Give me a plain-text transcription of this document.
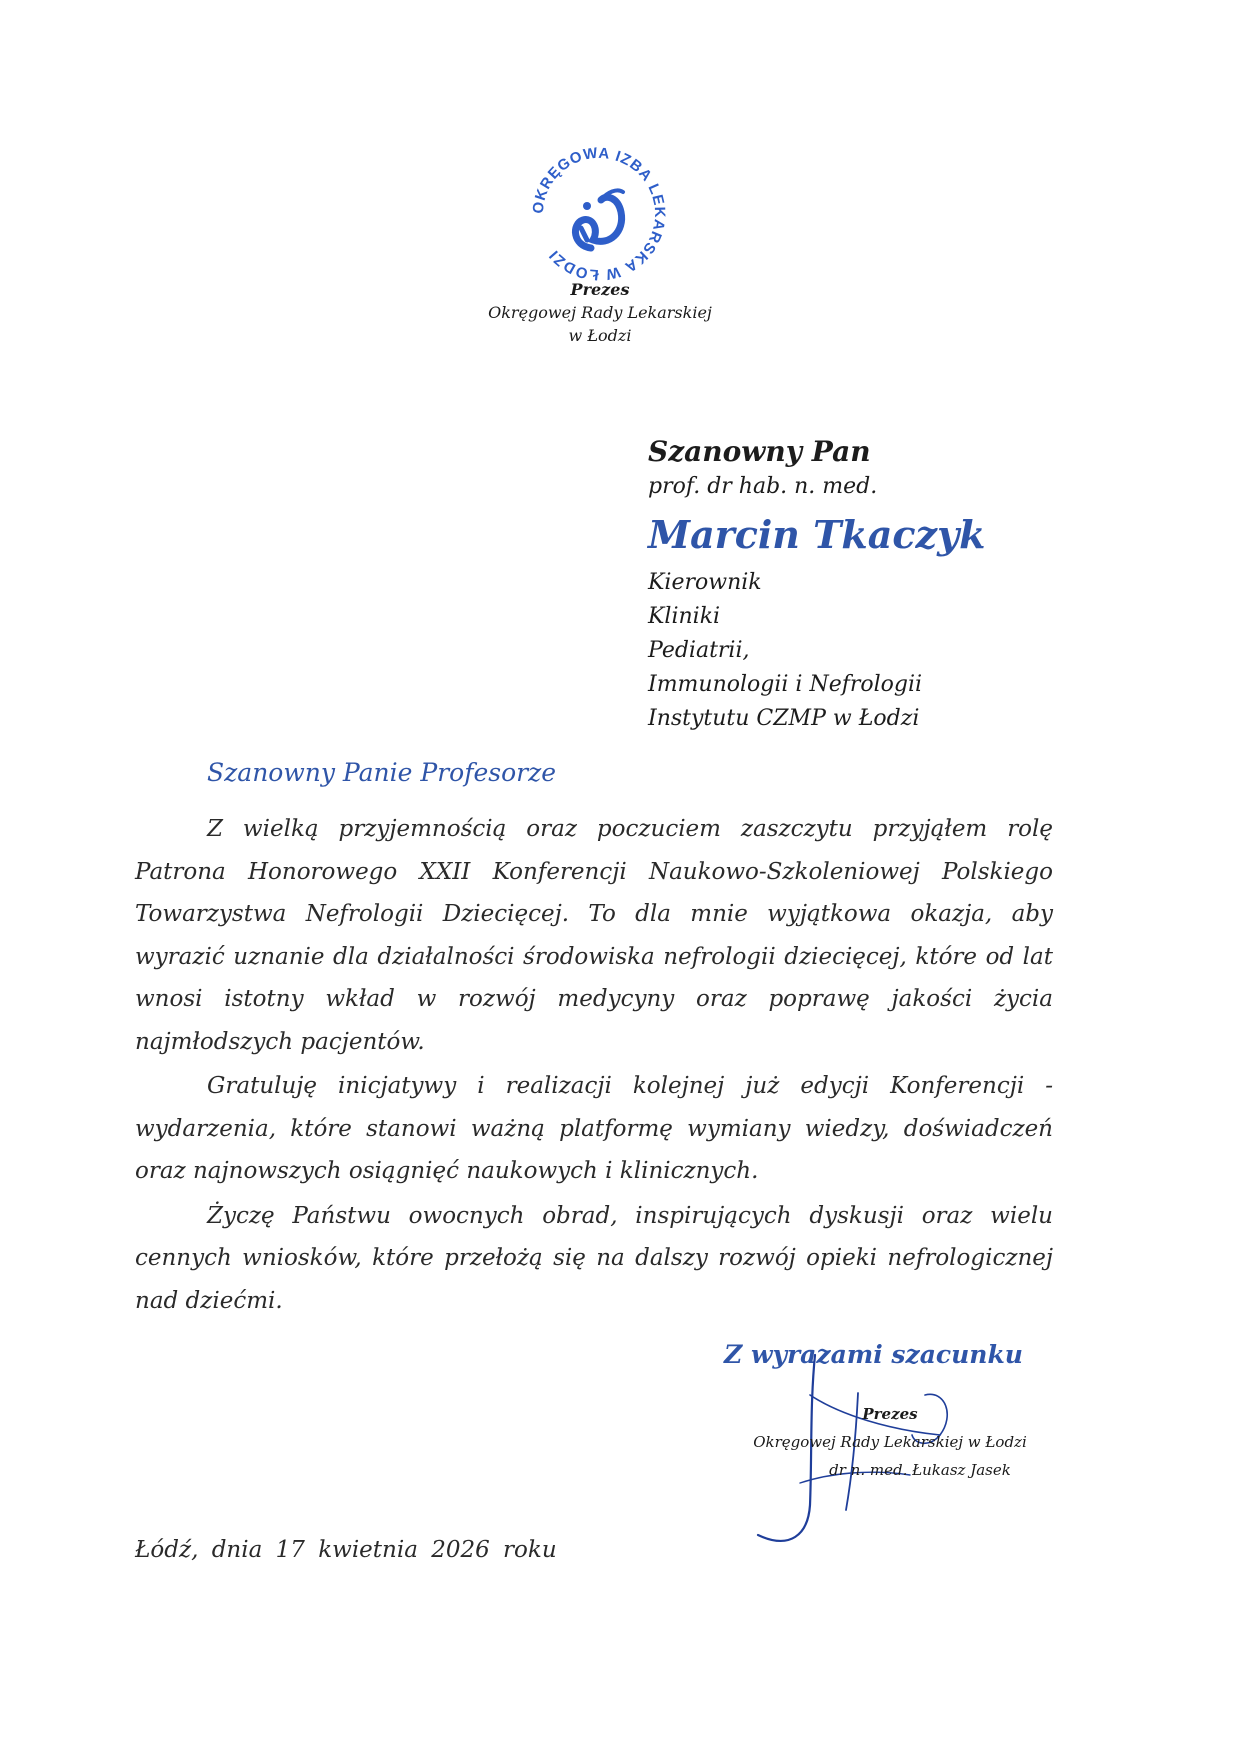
OKRĘGOWA IZBA LEKARSKA W ŁODZI
Prezes
Okręgowej Rady Lekarskiej
w Łodzi
Szanowny Pan
prof. dr hab. n. med.
Marcin Tkaczyk
Kierownik
Kliniki
Pediatrii,
Immunologii i Nefrologii
Instytutu CZMP w Łodzi
Szanowny Panie Profesorze

Z wielką przyjemnością oraz poczuciem zaszczytu przyjąłem rolę Patrona Honorowego XXII Konferencji Naukowo-Szkoleniowej Polskiego Towarzystwa Nefrologii Dziecięcej. To dla mnie wyjątkowa okazja, aby wyrazić uznanie dla działalności środowiska nefrologii dziecięcej, które od lat wnosi istotny wkład w rozwój medycyny oraz poprawę jakości życia najmłodszych pacjentów.

Gratuluję inicjatywy i realizacji kolejnej już edycji Konferencji - wydarzenia, które stanowi ważną platformę wymiany wiedzy, doświadczeń oraz najnowszych osiągnięć naukowych i klinicznych.

Życzę Państwu owocnych obrad, inspirujących dyskusji oraz wielu cennych wniosków, które przełożą się na dalszy rozwój opieki nefrologicznej nad dziećmi.

Z wyrazami szacunku
Prezes
Okręgowej Rady Lekarskiej w Łodzi
dr n. med. Łukasz Jasek
Łódź, dnia 17 kwietnia 2026 roku
